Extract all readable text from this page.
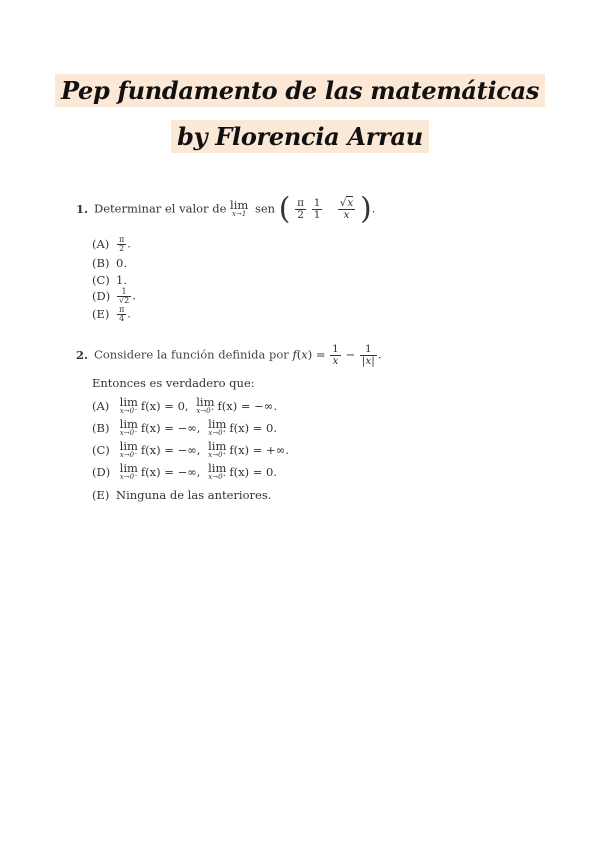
Pep fundamento de las matemáticas
by Florencia Arrau
1. Determinar el valor de lim
x→1 sen ( $\frac{\pi}{2}$
$\frac{1}{1}$
$\frac{√x}{x}$ ).
$(A) \frac{\pi}{2}$ .
(B) 0.
(C) 1.
$(D) \frac{1}{√2}$ .
$(E) \frac{\pi}{4}$ .
2. Considere la función definida por $f(x) = \frac{1}{x} - \frac{1}{|x|}$ .
Entonces es verdadero que:
(A) lim
x→0⁻ f(x) = 0, lim
x→0⁺ f(x) = −∞.
(B) lim
x→0⁻ f(x) = −∞, lim
x→0⁺ f(x) = 0.
(C) lim
x→0⁻ f(x) = −∞, lim
x→0⁺ f(x) = +∞.
(D) lim
x→0⁻ f(x) = −∞, lim
x→0⁺ f(x) = 0.
(E) Ninguna de las anteriores.
